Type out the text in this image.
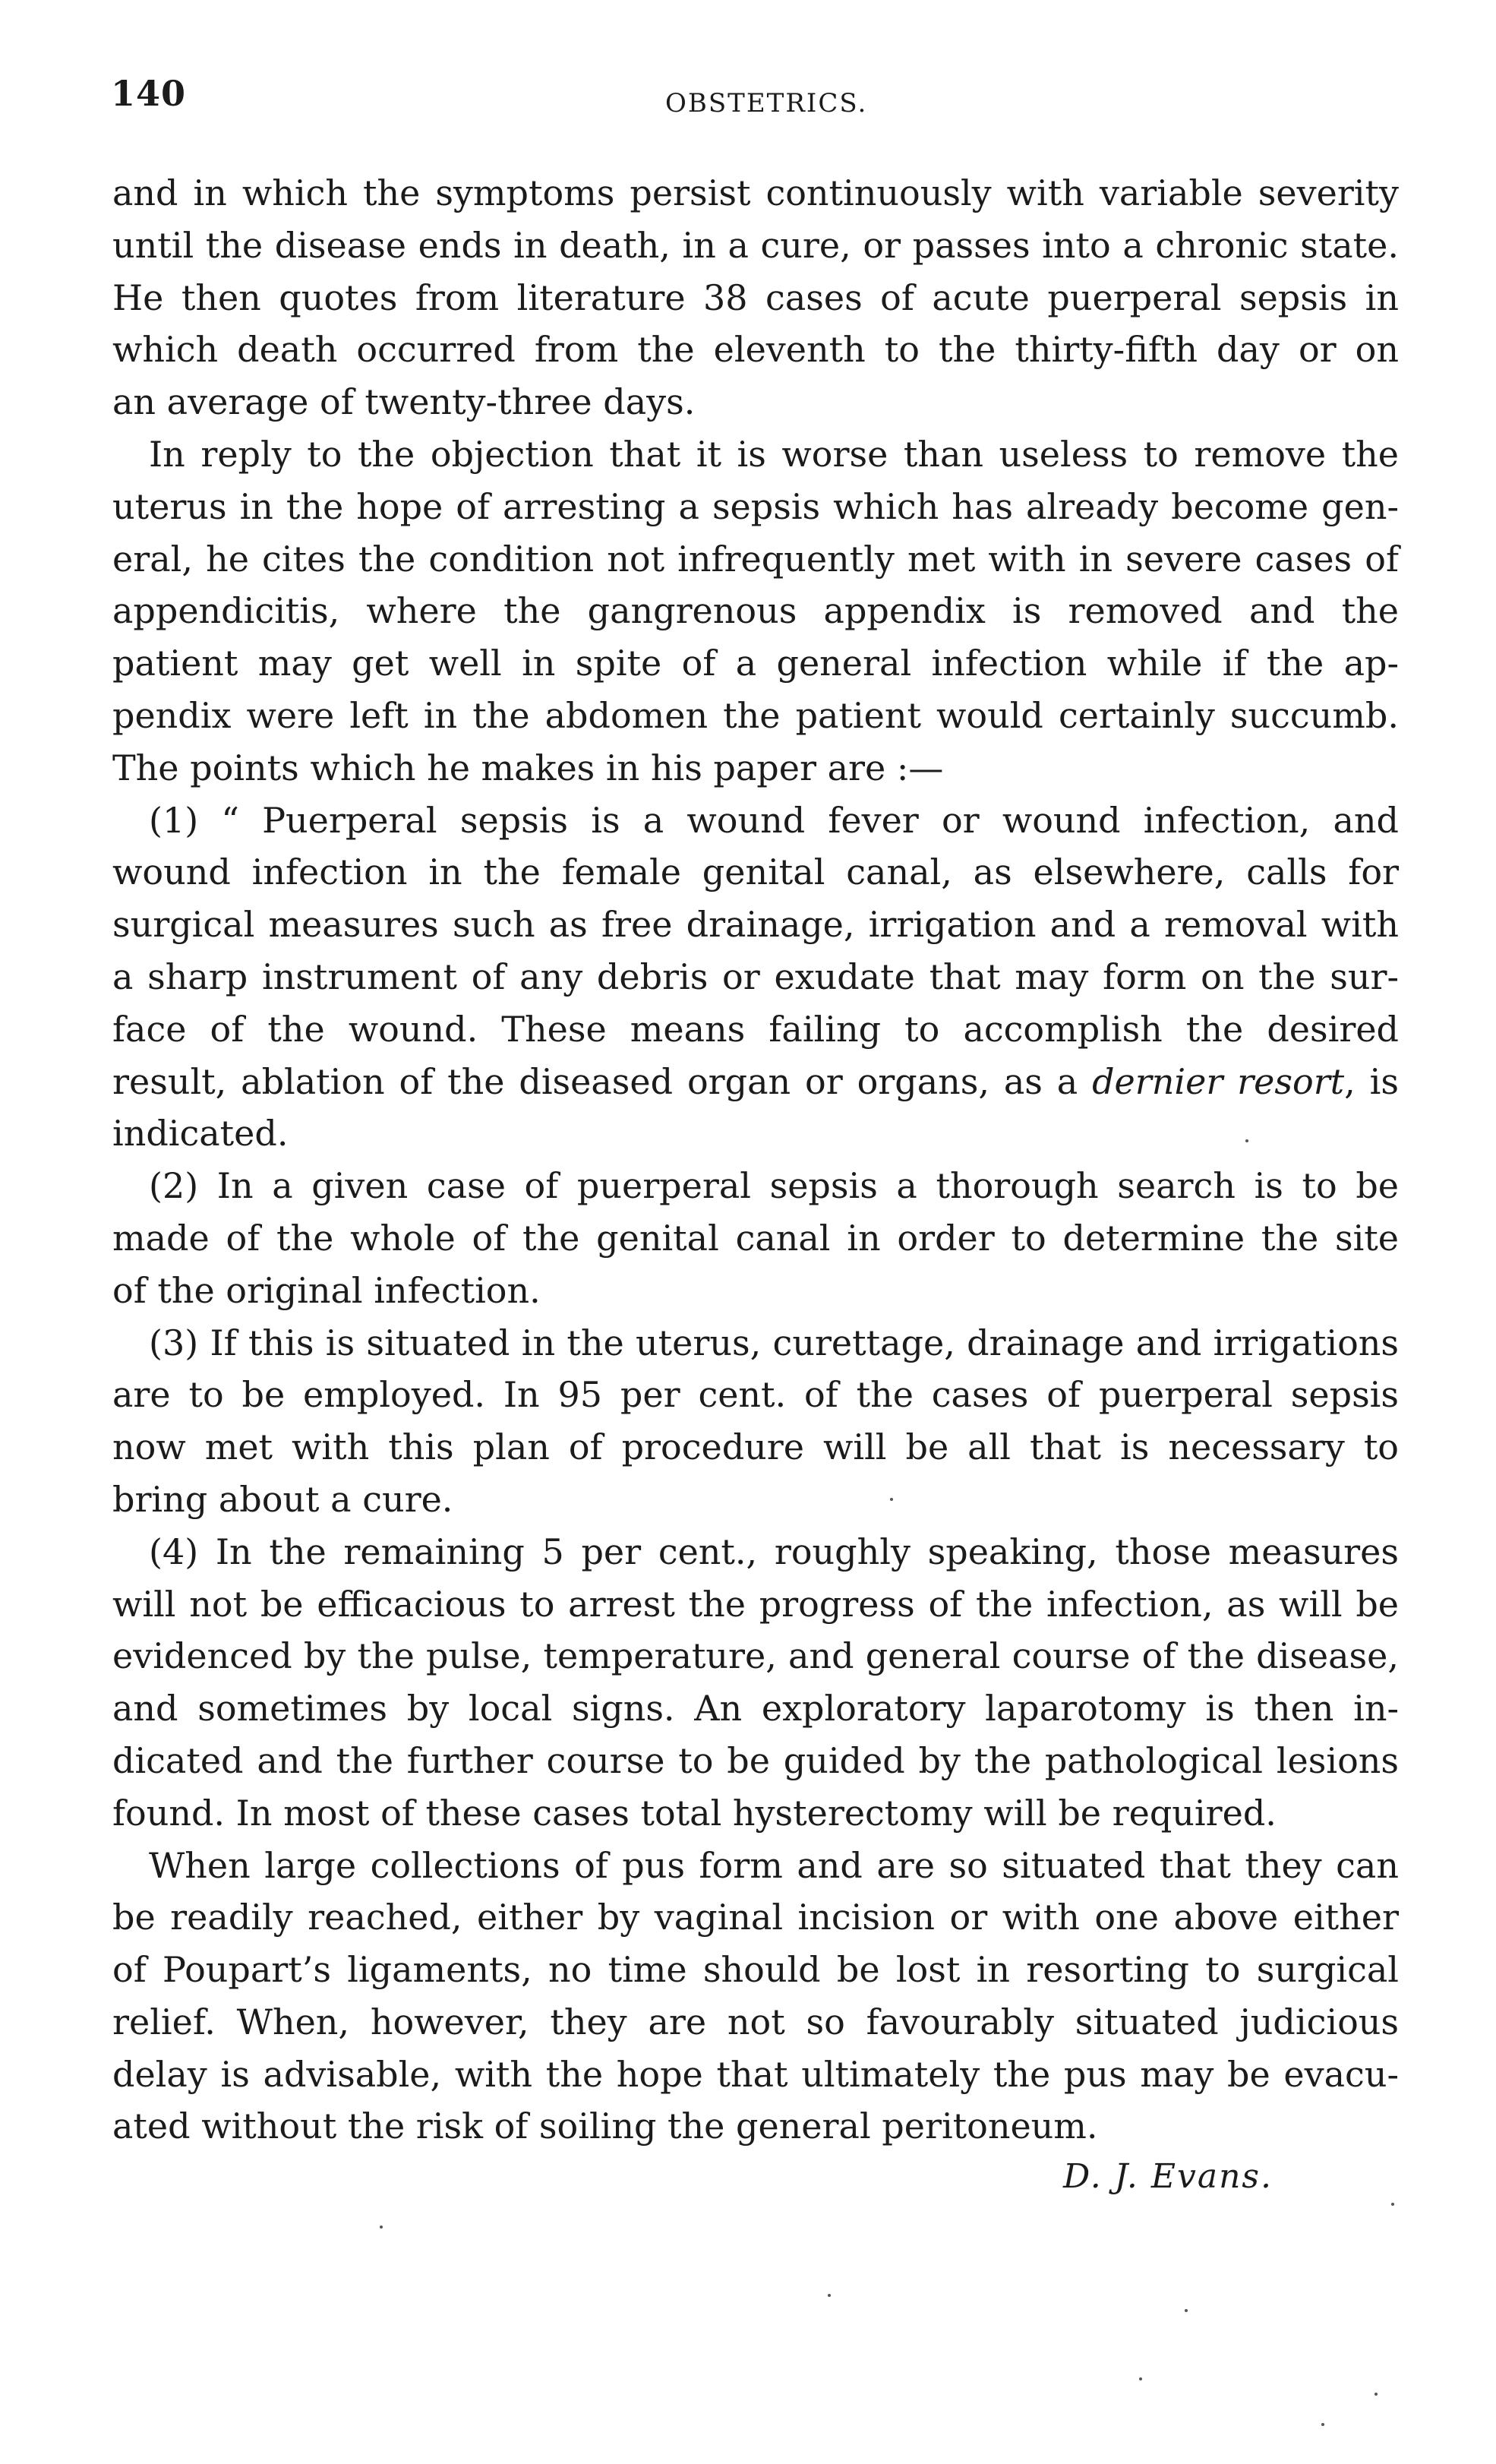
140	OBSTETRICS.
and in which the symptoms persist continuously with variable severity
until the disease ends in death, in a cure, or passes into a chronic state.
He then quotes from literature 38 cases of acute puerperal sepsis in
which death occurred from the eleventh to the thirty-fifth day or on
an average of twenty-three days.
In reply to the objection that it is worse than useless to remove the
uterus in the hope of arresting a sepsis which has already become gen-
eral, he cites the condition not infrequently met with in severe cases of
appendicitis, where the gangrenous appendix is removed and the
patient may get well in spite of a general infection while if the ap-
pendix were left in the abdomen the patient would certainly succumb.
The points which he makes in his paper are :—
(1) “ Puerperal sepsis is a wound fever or wound infection, and
wound infection in the female genital canal, as elsewhere, calls for
surgical measures such as free drainage, irrigation and a removal with
a sharp instrument of any debris or exudate that may form on the sur-
face of the wound. These means failing to accomplish the desired
result, ablation of the diseased organ or organs, as a dernier resort, is
indicated.
(2) In a given case of puerperal sepsis a thorough search is to be
made of the whole of the genital canal in order to determine the site
of the original infection.
(3) If this is situated in the uterus, curettage, drainage and irrigations
are to be employed. In 95 per cent. of the cases of puerperal sepsis
now met with this plan of procedure will be all that is necessary to
bring about a cure.
(4) In the remaining 5 per cent., roughly speaking, those measures
will not be efficacious to arrest the progress of the infection, as will be
evidenced by the pulse, temperature, and general course of the disease,
and sometimes by local signs. An exploratory laparotomy is then in-
dicated and the further course to be guided by the pathological lesions
found. In most of these cases total hysterectomy will be required.
When large collections of pus form and are so situated that they can
be readily reached, either by vaginal incision or with one above either
of Poupart’s ligaments, no time should be lost in resorting to surgical
relief. When, however, they are not so favourably situated judicious
delay is advisable, with the hope that ultimately the pus may be evacu-
ated without the risk of soiling the general peritoneum.
D. J. Evans.
